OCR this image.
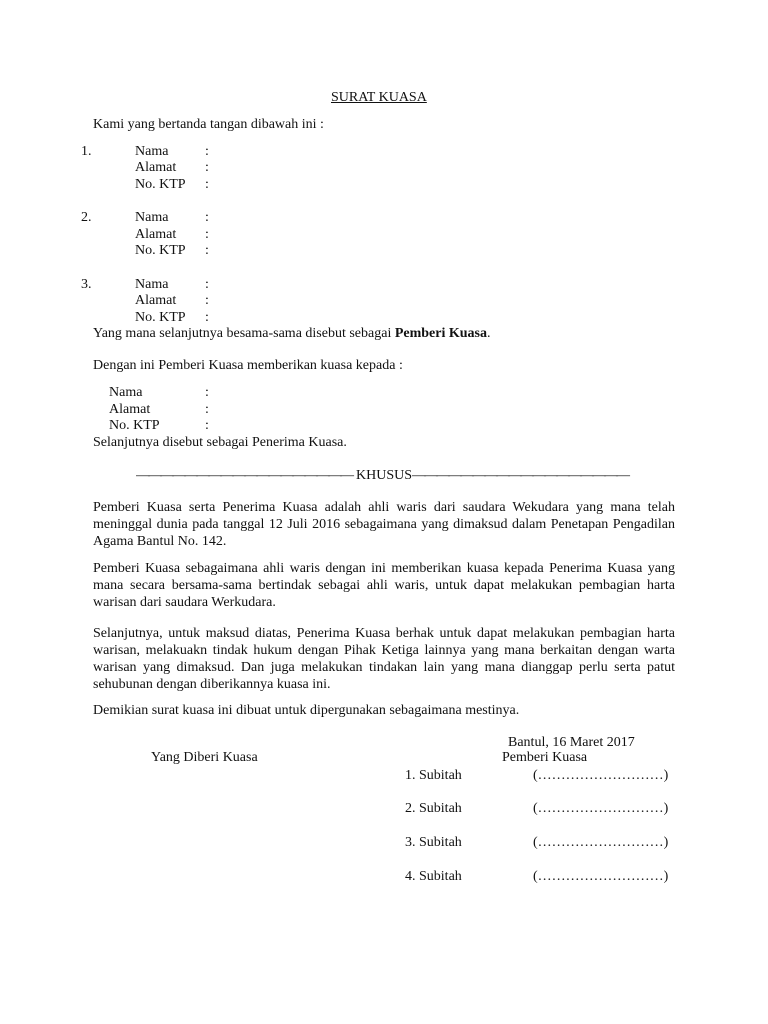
SURAT KUASA
Kami yang bertanda tangan dibawah ini :
1.	Nama	:
Alamat :
No. KTP :
2.	Nama	:
Alamat :
No. KTP :
3.	Nama	:
Alamat :
No. KTP :
Yang mana selanjutnya besama-sama disebut sebagai Pemberi Kuasa.
Dengan ini Pemberi Kuasa memberikan kuasa kepada :
Nama	:
Alamat	:
No. KTP	:
Selanjutnya disebut sebagai Penerima Kuasa.
—————————————————— KHUSUS ——————————————————
Pemberi Kuasa serta Penerima Kuasa adalah ahli waris dari saudara Wekudara yang mana telah meninggal dunia pada tanggal 12 Juli 2016 sebagaimana yang dimaksud dalam Penetapan Pengadilan Agama Bantul No. 142.
Pemberi Kuasa sebagaimana ahli waris dengan ini memberikan kuasa kepada Penerima Kuasa yang mana secara bersama-sama bertindak sebagai ahli waris, untuk dapat melakukan pembagian harta warisan dari saudara Werkudara.
Selanjutnya, untuk maksud diatas, Penerima Kuasa berhak untuk dapat melakukan pembagian harta warisan, melakuakn tindak hukum dengan Pihak Ketiga lainnya yang mana berkaitan dengan warta warisan yang dimaksud. Dan juga melakukan tindakan lain yang mana dianggap perlu serta patut sehubunan dengan diberikannya kuasa ini.
Demikian surat kuasa ini dibuat untuk dipergunakan sebagaimana mestinya.
Bantul, 16 Maret 2017
Yang Diberi Kuasa	Pemberi Kuasa
1. Subitah	(………………………)
2. Subitah	(………………………)
3. Subitah	(………………………)
4. Subitah	(………………………)
